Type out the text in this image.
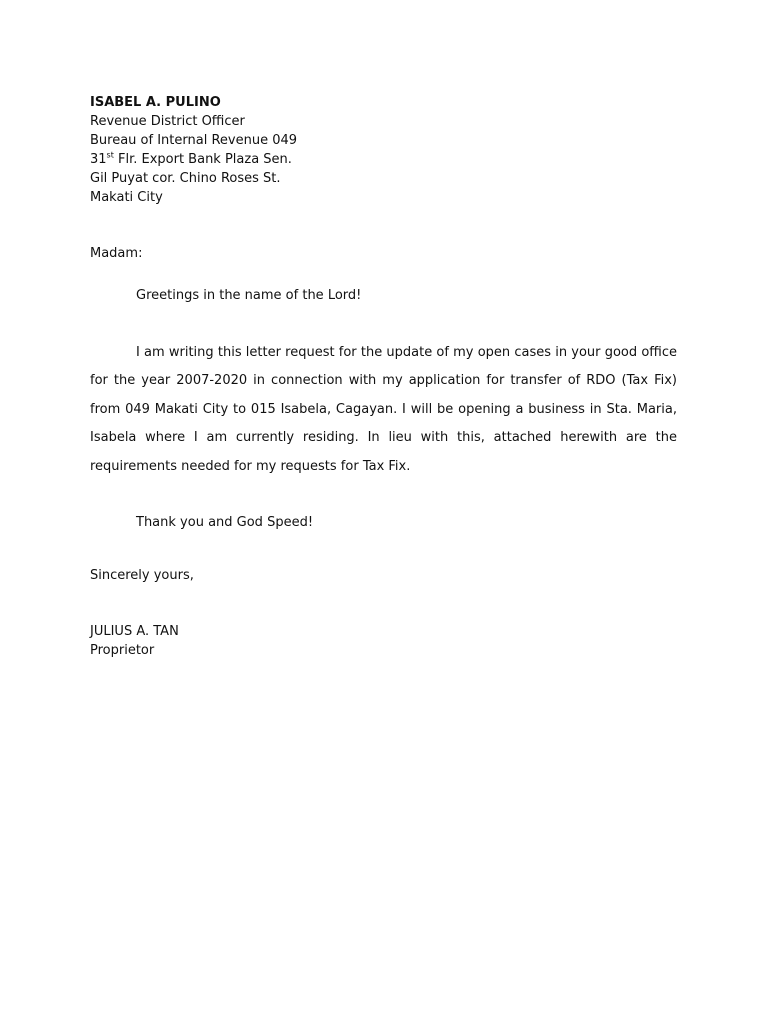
ISABEL A. PULINO
Revenue District Officer
Bureau of Internal Revenue 049
31st Flr. Export Bank Plaza Sen.
Gil Puyat cor. Chino Roses St.
Makati City
Madam:
Greetings in the name of the Lord!
I am writing this letter request for the update of my open cases in your good office for the year 2007-2020 in connection with my application for transfer of RDO (Tax Fix) from 049 Makati City to 015 Isabela, Cagayan. I will be opening a business in Sta. Maria, Isabela where I am currently residing. In lieu with this, attached herewith are the requirements needed for my requests for Tax Fix.
Thank you and God Speed!
Sincerely yours,
JULIUS A. TAN
Proprietor
